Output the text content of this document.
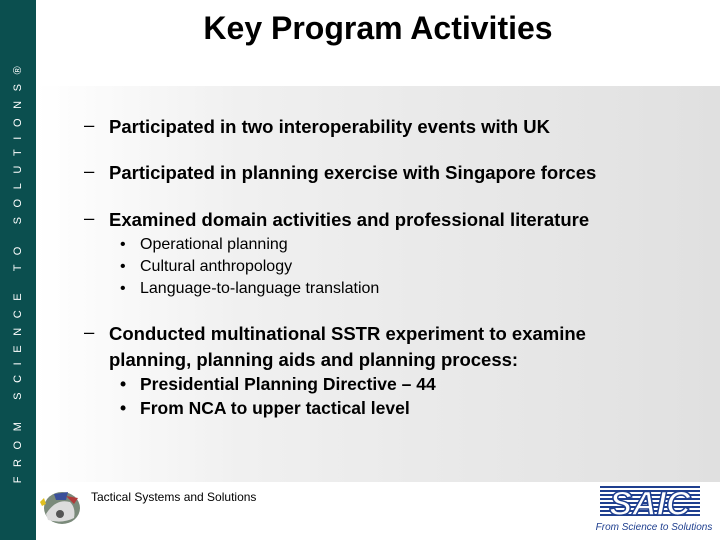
FROM SCIENCE TO SOLUTIONS®
Key Program Activities
– Participated in two interoperability events with UK
– Participated in planning exercise with Singapore forces
– Examined domain activities and professional literature
• Operational planning
• Cultural anthropology
• Language-to-language translation
– Conducted multinational SSTR experiment to examine
planning, planning aids and planning process:
• Presidential Planning Directive – 44
• From NCA to upper tactical level
Tactical Systems and Solutions	SAIC
From Science to Solutions
